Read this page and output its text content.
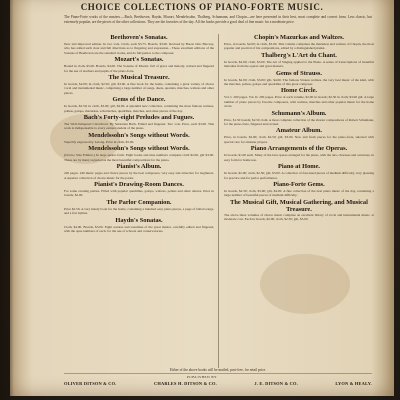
CHOICE COLLECTIONS OF PIANO-FORTE MUSIC.
The Piano-Forte works of the masters.—Bach, Beethoven, Haydn, Mozart, Mendelssohn, Thalberg, Schumann, and Chopin—are here presented in their best, most complete and correct form. Less classic, but extremely popular, are the pieces of the other collections. They are the favorites of the day. All the books provide a good deal of fine music for a moderate price.
Beethoven's Sonatas.
New and improved edition. In two vols. Cloth, each $3.75. Boards, $3.00. Revised by Baron Otto Barcsay, who has added such clear and full directions as to fingering and expression... These excellent editions of the Sonatas of Beethoven are the standard works, and do full justice to the composer.
Mozart's Sonatas.
Bound in cloth, $5.00. Boards, $4.00. The Sonatas of Mozart, full of grace and melody, revised and fingered for the use of teachers and pupils of the piano-forte.
The Musical Treasure.
In boards, $2.00; in cloth, $2.50; gilt, $3.00. A fine book for the home, containing a great variety of choice vocal and instrumental music, comprising a large number of songs, duets, quartets, marches, waltzes and other pieces.
Gems of the Dance.
In boards, $2.50; in cloth, $3.00; gilt, $4.00. A splendid new collection, containing the most famous waltzes, polkas, galops, mazurkas, schottisches, quadrilles, marches, and other pieces of the day.
Bach's Forty-eight Preludes and Fugues.
The Well-Tempered Clavichord. By Sebastian Bach. Edited and fingered. Two vols. Price, each $3.00. This work is indispensable to every earnest student of the piano.
Mendelssohn's Songs without Words.
Superbly engraved by Lelong. Price in cloth, $5.00.
Mendelssohn's Songs without Words.
(Octavo Size Edition.) In large quarto form. Eight books and nine numbers complete cloth $2.00, gilt $3.00. These are by many regarded as the most beautiful compositions for the piano.
Pianist's Album.
220 pages. 240 music pages and choice pieces by the best composers, very easy and attractive for beginners. A superior collection of choice music for the parlor.
Pianist's Drawing-Room Dances.
For some evening parties. Filled with popular quadrilles, galops, waltzes, polkas and other dances. Price in boards, $2.00.
The Parlor Companion.
Price $2.50. A very handy book for the home, containing a hundred easy piano pieces, a page of ballad songs, and a few hymns.
Haydn's Sonatas.
Cloth, $4.00. Boards, $3.00. Eight sonatas and sonatinas of the great master, carefully edited and fingered, with the opus numbers of each, for the use of schools and conservatories.
Chopin's Mazurkas and Waltzes.
Price, in boards, $2.00; in cloth, $3.00. This volume comprises the mazurkas and waltzes of Chopin, the most popular and poetical of his compositions, edited by a distinguished pianist.
Thalberg's L'Art du Chant.
In boards, $2.00; cloth, $3.00. The Art of Singing applied to the Piano. A series of transcriptions of beautiful melodies from the operas and great masters.
Gems of Strauss.
In boards, $2.00; cloth, $3.00; gilt, $4.00. The famous Strauss waltzes, the very best music of the kind, with the marches, polkas, galops and quadrilles of this great composer.
Home Circle.
Vol. I. 200 pages. Vol. II. 200 pages. Price of each volume, $2.00 in boards; $2.50 in cloth; $3.00 gilt. A large number of piano pieces by favorite composers, with waltzes, marches and other popular music for the home circle.
Schumann's Album.
Price, $1.50 boards; $2.50 cloth. A most complete collection of the shorter compositions of Robert Schumann, for the piano-forte, fingered and revised.
Amateur Album.
Price, in boards, $2.00; cloth, $2.50; gilt, $3.00. New and fresh pieces for the piano-forte, selected with special care for amateur players.
Piano Arrangements of the Operas.
In boards, $1.00 each. Many of the best operas arranged for the piano, with the airs, choruses and overtures, in easy form for home use.
Piano at Home.
In boards, $2.00; cloth, $2.50; gilt, $3.00. A collection of four-hand pieces of medium difficulty, very pleasing for practice and for parlor performance.
Piano-Forte Gems.
In boards, $2.50; cloth, $3.00; gilt, $4.00. A fine collection of the best piano music of the day, containing a large number of beautiful pieces of medium difficulty.
The Musical Gift, Musical Gathering, and Musical Treasure.
The above three volumes of choice music comprise an excellent library of vocal and instrumental music, at moderate cost. Each in boards, $2.00; cloth, $2.50; gilt, $3.00.
Either of the above books will be mailed, post-free, for retail price.
PUBLISHED BY
OLIVER DITSON & CO.	CHARLES H. DITSON & CO.	J. E. DITSON & CO.	LYON & HEALY.
